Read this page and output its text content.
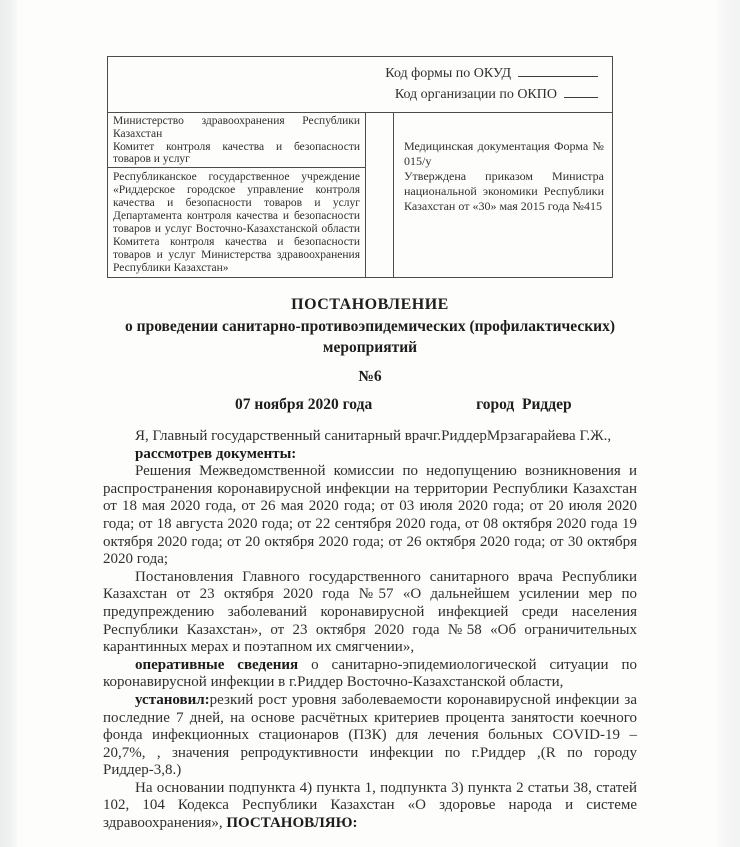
Код формы по ОКУД
Код организации по ОКПО

Министерство здравоохранения Республики Казахстан

Комитет контроля качества и безопасности товаров и услуг

Республиканское государственное учреждение «Риддерское городское управление контроля качества и безопасности товаров и услуг Департамента контроля качества и безопасности товаров и услуг Восточно-Казахстанской области Комитета контроля качества и безопасности товаров и услуг Министерства здравоохранения Республики Казахстан»

Медицинская документация Форма № 015/у

Утверждена приказом Министра национальной экономики Республики Казахстан от «30» мая 2015 года №415

ПОСТАНОВЛЕНИЕ

о проведении санитарно-противоэпидемических (профилактических)

мероприятий

№6

07 ноября 2020 года	город  Риддер

Я, Главный государственный санитарный врачг.РиддерМрзагарайева Г.Ж.,

рассмотрев документы:

Решения Межведомственной комиссии по недопущению возникновения и распространения коронавирусной инфекции на территории Республики Казахстан от 18 мая 2020 года, от 26 мая 2020 года; от 03 июля 2020 года; от 20 июля 2020 года; от 18 августа 2020 года; от 22 сентября 2020 года, от 08 октября 2020 года 19 октября 2020 года; от 20 октября 2020 года; от 26 октября 2020 года; от 30 октября 2020 года;

Постановления Главного государственного санитарного врача Республики Казахстан от 23 октября 2020 года №57 «О дальнейшем усилении мер по предупреждению заболеваний коронавирусной инфекцией среди населения Республики Казахстан», от 23 октября 2020 года №58 «Об ограничительных карантинных мерах и поэтапном их смягчении»,

оперативные сведения о санитарно-эпидемиологической ситуации по коронавирусной инфекции в г.Риддер Восточно-Казахстанской области,

установил:резкий рост уровня заболеваемости коронавирусной инфекции за последние 7 дней, на основе расчётных критериев процента занятости коечного фонда инфекционных стационаров (ПЗК) для лечения больных COVID-19 – 20,7%, , значения репродуктивности инфекции по г.Риддер ,(R по городу Риддер-3,8.)

На основании подпункта 4) пункта 1, подпункта 3) пункта 2 статьи 38, статей 102, 104 Кодекса Республики Казахстан «О здоровье народа и системе здравоохранения», ПОСТАНОВЛЯЮ:
